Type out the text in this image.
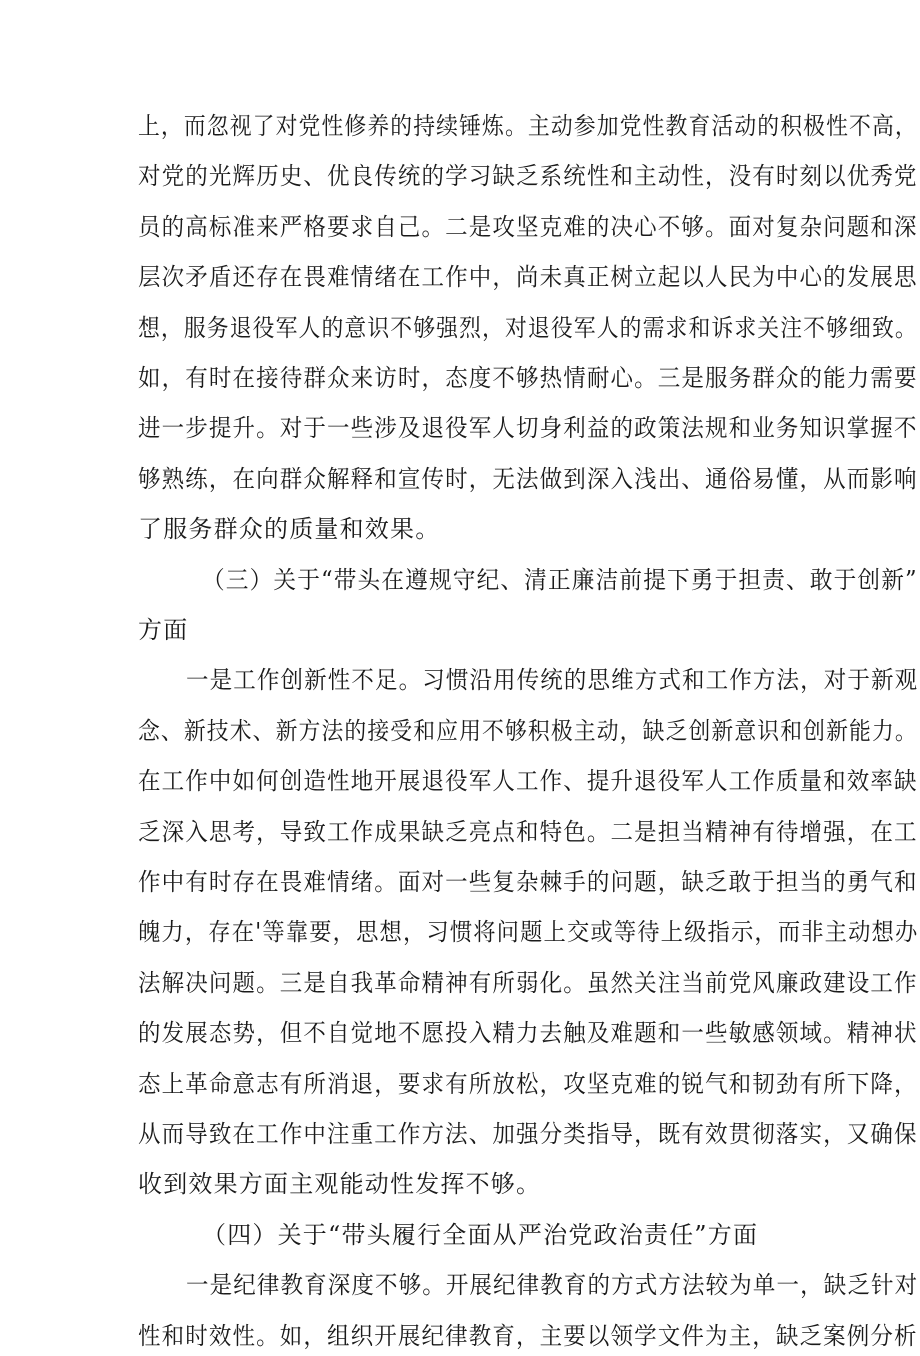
上，而忽视了对党性修养的持续锤炼。主动参加党性教育活动的积极性不高，
对党的光辉历史、优良传统的学习缺乏系统性和主动性，没有时刻以优秀党
员的高标准来严格要求自己。二是攻坚克难的决心不够。面对复杂问题和深
层次矛盾还存在畏难情绪在工作中，尚未真正树立起以人民为中心的发展思
想，服务退役军人的意识不够强烈，对退役军人的需求和诉求关注不够细致。
如，有时在接待群众来访时，态度不够热情耐心。三是服务群众的能力需要
进一步提升。对于一些涉及退役军人切身利益的政策法规和业务知识掌握不
够熟练，在向群众解释和宣传时，无法做到深入浅出、通俗易懂，从而影响
了服务群众的质量和效果。
（三）关于“带头在遵规守纪、清正廉洁前提下勇于担责、敢于创新”
方面
一是工作创新性不足。习惯沿用传统的思维方式和工作方法，对于新观
念、新技术、新方法的接受和应用不够积极主动，缺乏创新意识和创新能力。
在工作中如何创造性地开展退役军人工作、提升退役军人工作质量和效率缺
乏深入思考，导致工作成果缺乏亮点和特色。二是担当精神有待增强，在工
作中有时存在畏难情绪。面对一些复杂棘手的问题，缺乏敢于担当的勇气和
魄力，存在'等靠要，思想，习惯将问题上交或等待上级指示，而非主动想办
法解决问题。三是自我革命精神有所弱化。虽然关注当前党风廉政建设工作
的发展态势，但不自觉地不愿投入精力去触及难题和一些敏感领域。精神状
态上革命意志有所消退，要求有所放松，攻坚克难的锐气和韧劲有所下降，
从而导致在工作中注重工作方法、加强分类指导，既有效贯彻落实，又确保
收到效果方面主观能动性发挥不够。
（四）关于“带头履行全面从严治党政治责任”方面
一是纪律教育深度不够。开展纪律教育的方式方法较为单一，缺乏针对
性和时效性。如，组织开展纪律教育，主要以领学文件为主，缺乏案例分析
